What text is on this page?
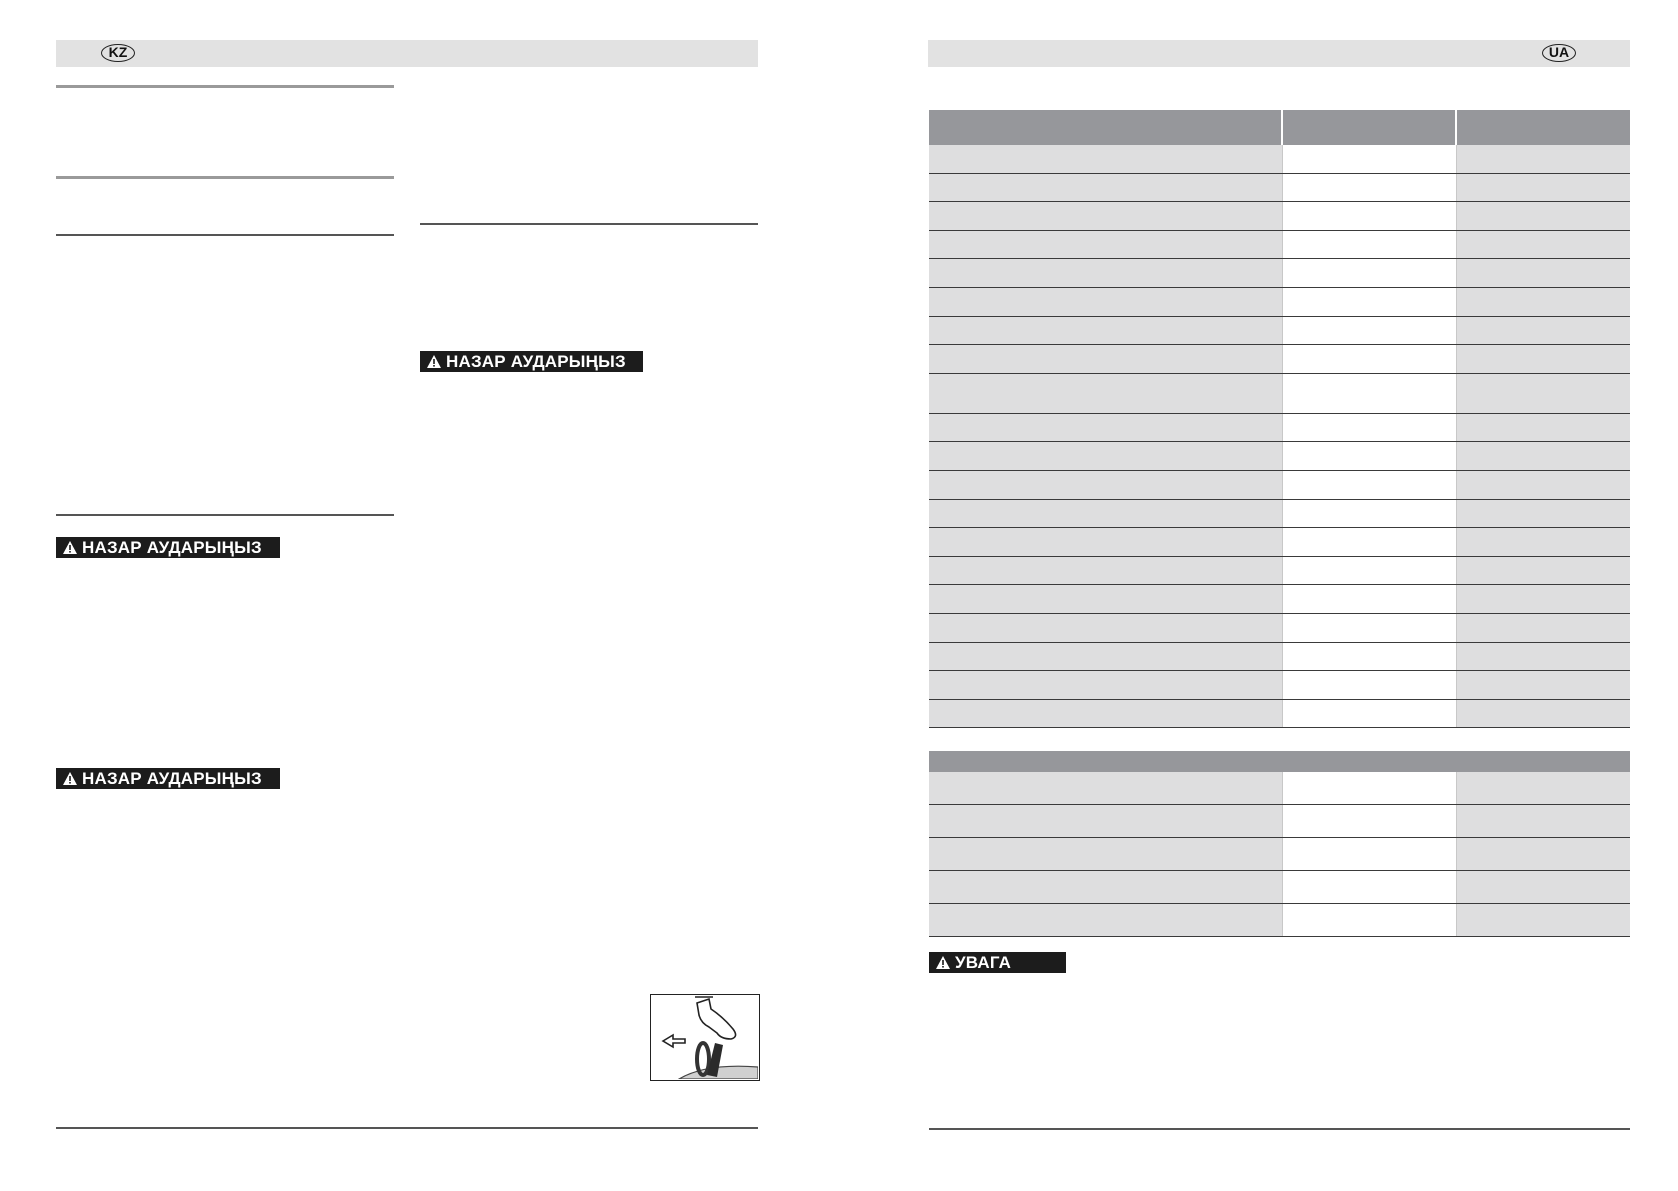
KZ
НАЗАР АУДАРЫҢЫЗ
НАЗАР АУДАРЫҢЫЗ
НАЗАР АУДАРЫҢЫЗ
UA
УВАГА
